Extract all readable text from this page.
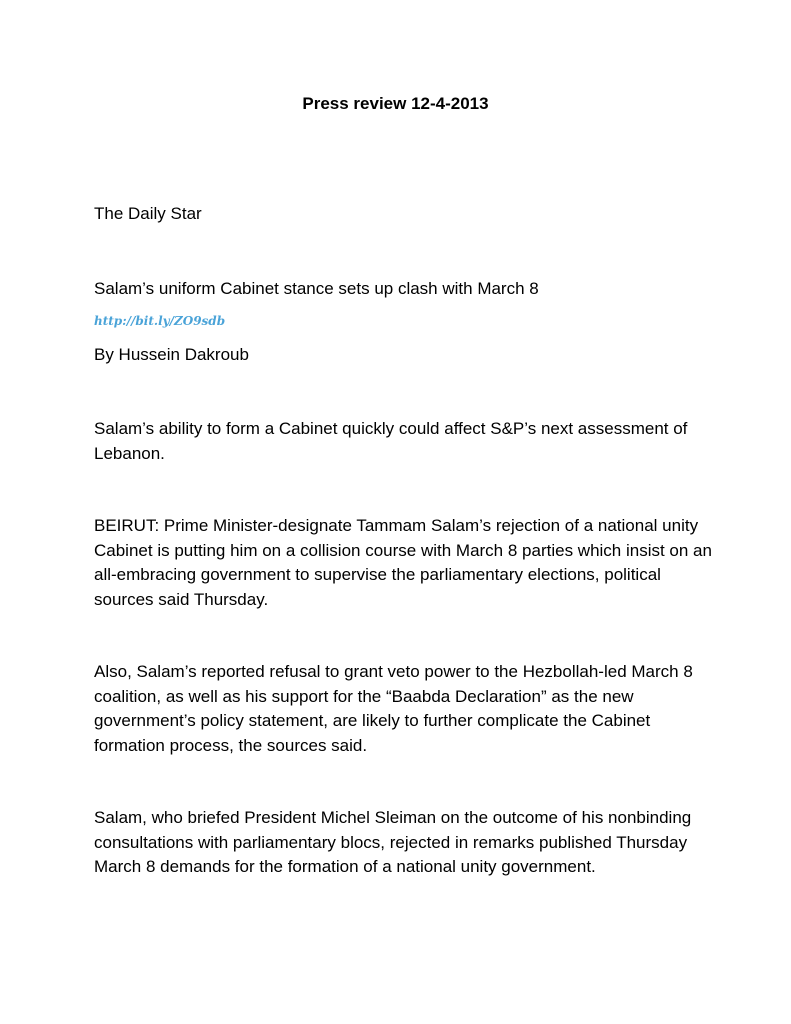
Press review 12-4-2013

The Daily Star

Salam’s uniform Cabinet stance sets up clash with March 8

http://bit.ly/ZO9sdb

By Hussein Dakroub

Salam’s ability to form a Cabinet quickly could affect S&P’s next assessment of Lebanon.

BEIRUT: Prime Minister-designate Tammam Salam’s rejection of a national unity Cabinet is putting him on a collision course with March 8 parties which insist on an all-embracing government to supervise the parliamentary elections, political sources said Thursday.

Also, Salam’s reported refusal to grant veto power to the Hezbollah-led March 8 coalition, as well as his support for the “Baabda Declaration” as the new government’s policy statement, are likely to further complicate the Cabinet formation process, the sources said.

Salam, who briefed President Michel Sleiman on the outcome of his nonbinding consultations with parliamentary blocs, rejected in remarks published Thursday March 8 demands for the formation of a national unity government.
